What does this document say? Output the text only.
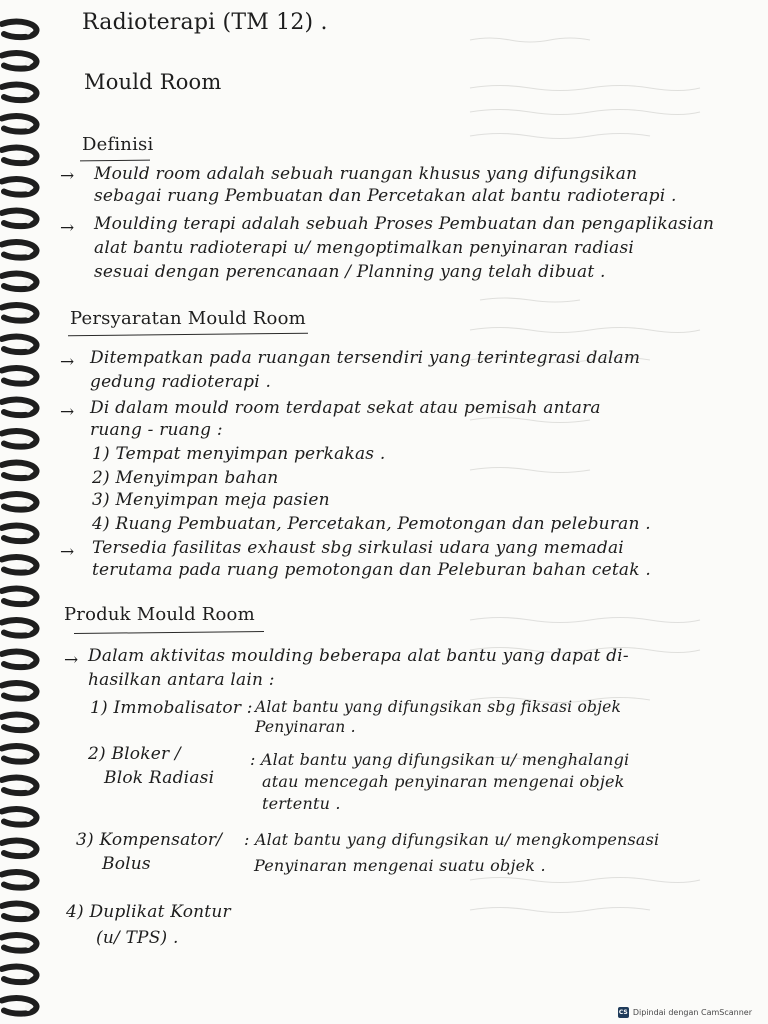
Radioterapi (TM 12) .
Mould Room
Definisi
→ Mould room adalah sebuah ruangan khusus yang difungsikan
sebagai ruang Pembuatan dan Percetakan alat bantu radioterapi .
→ Moulding terapi adalah sebuah Proses Pembuatan dan pengaplikasian
alat bantu radioterapi u/ mengoptimalkan penyinaran radiasi
sesuai dengan perencanaan / Planning yang telah dibuat .
Persyaratan Mould Room
→ Ditempatkan pada ruangan tersendiri yang terintegrasi dalam
gedung radioterapi .
→ Di dalam mould room terdapat sekat atau pemisah antara
ruang - ruang :
1) Tempat menyimpan perkakas .
2) Menyimpan bahan
3) Menyimpan meja pasien
4) Ruang Pembuatan, Percetakan, Pemotongan dan peleburan .
→ Tersedia fasilitas exhaust sbg sirkulasi udara yang memadai
terutama pada ruang pemotongan dan Peleburan bahan cetak .
Produk Mould Room
→ Dalam aktivitas moulding beberapa alat bantu yang dapat di-
hasilkan antara lain :
1) Immobalisator : Alat bantu yang difungsikan sbg fiksasi objek
Penyinaran .
2) Bloker /
Blok Radiasi
: Alat bantu yang difungsikan u/ menghalangi
atau mencegah penyinaran mengenai objek
tertentu .
3) Kompensator/
Bolus
: Alat bantu yang difungsikan u/ mengkompensasi
Penyinaran mengenai suatu objek .
4) Duplikat Kontur
(u/ TPS) .
CS Dipindai dengan CamScanner
